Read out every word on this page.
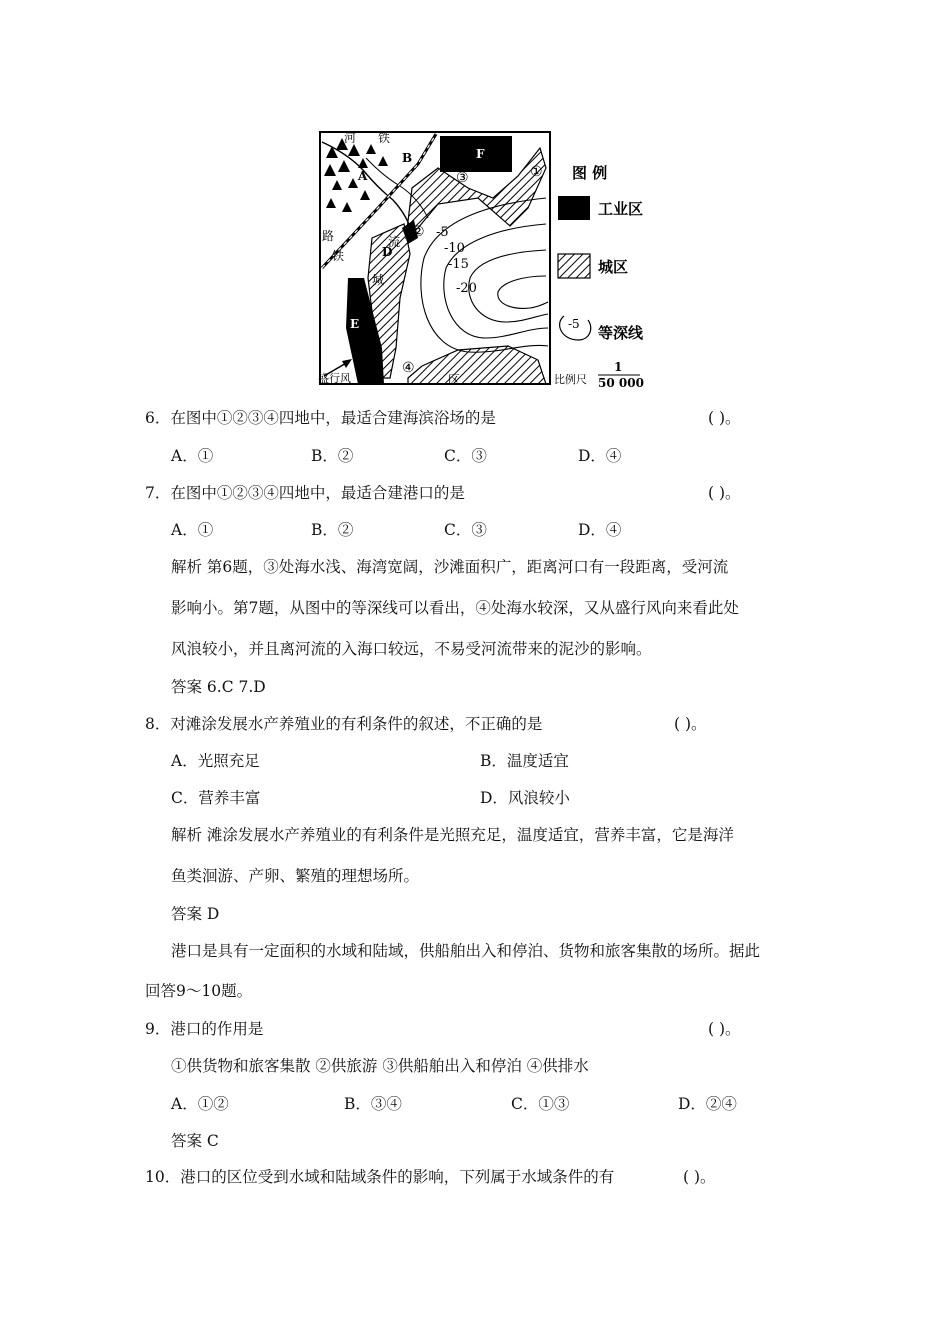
河 铁
A
B	F
路
铁
流
D
城
E
C 路	区
盛行风
①
②
③
④
-5
-10
-15
-20
图 例
工业区
城区
-5 等深线
比例尺
1
50 000
6．在图中①②③④四地中，最适合建海滨浴场的是	( )。
A．①	B．②	C．③	D．④
7．在图中①②③④四地中，最适合建港口的是	( )。
A．①	B．②	C．③	D．④
解析 第6题，③处海水浅、海湾宽阔，沙滩面积广，距离河口有一段距离，受河流
影响小。第7题，从图中的等深线可以看出，④处海水较深，又从盛行风向来看此处
风浪较小，并且离河流的入海口较远，不易受河流带来的泥沙的影响。
答案 6.C 7.D
8．对滩涂发展水产养殖业的有利条件的叙述，不正确的是	( )。
A．光照充足	B．温度适宜
C．营养丰富	D．风浪较小
解析 滩涂发展水产养殖业的有利条件是光照充足，温度适宜，营养丰富，它是海洋
鱼类洄游、产卵、繁殖的理想场所。
答案 D
港口是具有一定面积的水域和陆域，供船舶出入和停泊、货物和旅客集散的场所。据此
回答9～10题。
9．港口的作用是	( )。
①供货物和旅客集散 ②供旅游 ③供船舶出入和停泊 ④供排水
A．①②	B．③④	C．①③	D．②④
答案 C
10．港口的区位受到水域和陆域条件的影响，下列属于水域条件的有	( )。
